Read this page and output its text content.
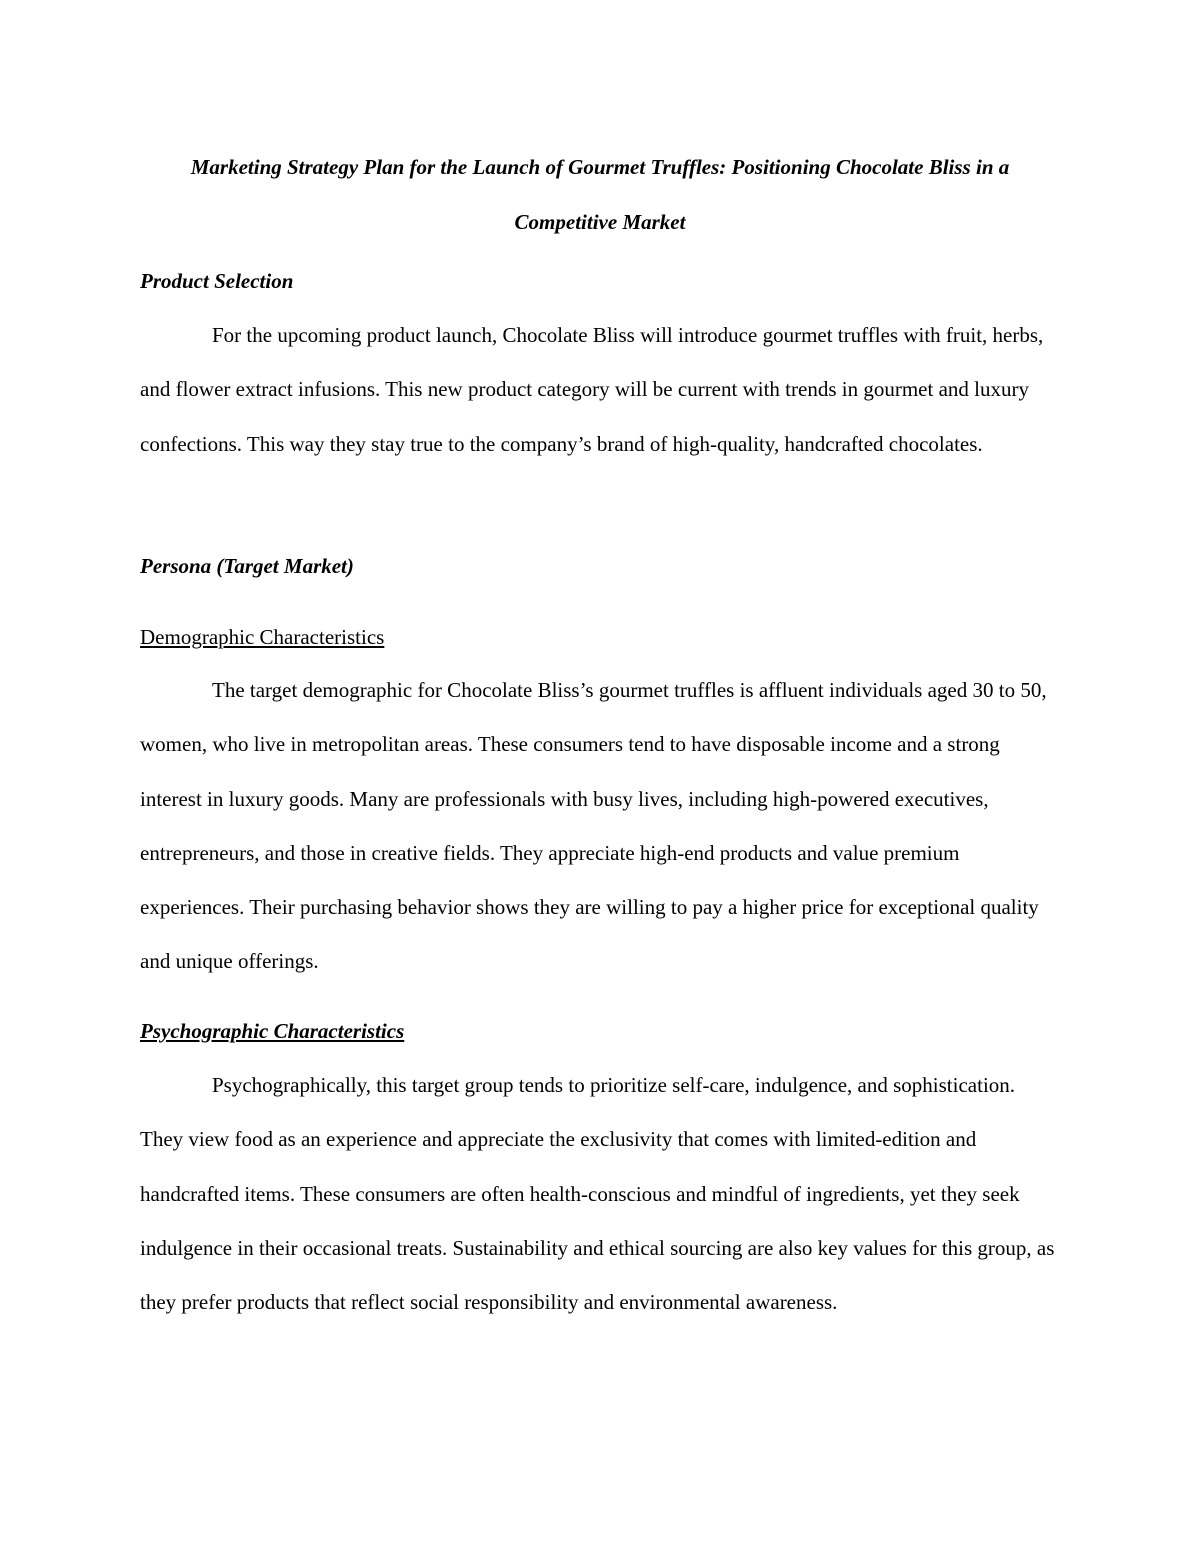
Marketing Strategy Plan for the Launch of Gourmet Truffles: Positioning Chocolate Bliss in a Competitive Market
Product Selection

For the upcoming product launch, Chocolate Bliss will introduce gourmet truffles with fruit, herbs, and flower extract infusions. This new product category will be current with trends in gourmet and luxury confections. This way they stay true to the company’s brand of high-quality, handcrafted chocolates.

Persona (Target Market)
Demographic Characteristics

The target demographic for Chocolate Bliss’s gourmet truffles is affluent individuals aged 30 to 50, women, who live in metropolitan areas. These consumers tend to have disposable income and a strong interest in luxury goods. Many are professionals with busy lives, including high-powered executives, entrepreneurs, and those in creative fields. They appreciate high-end products and value premium experiences. Their purchasing behavior shows they are willing to pay a higher price for exceptional quality and unique offerings.

Psychographic Characteristics

Psychographically, this target group tends to prioritize self-care, indulgence, and sophistication. They view food as an experience and appreciate the exclusivity that comes with limited-edition and handcrafted items. These consumers are often health-conscious and mindful of ingredients, yet they seek indulgence in their occasional treats. Sustainability and ethical sourcing are also key values for this group, as they prefer products that reflect social responsibility and environmental awareness.
